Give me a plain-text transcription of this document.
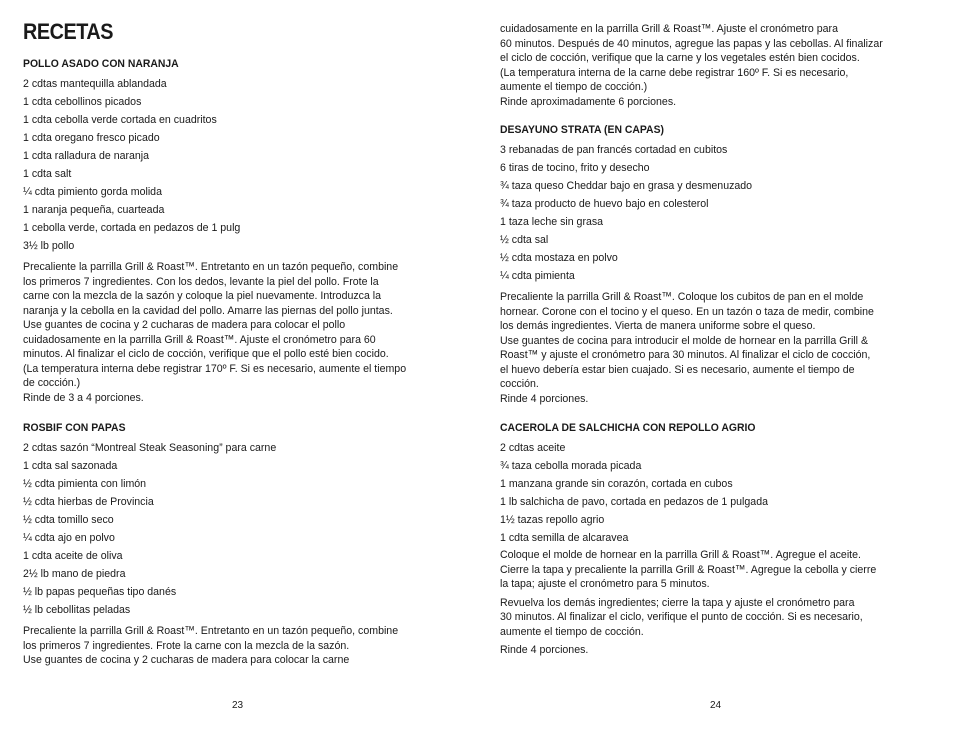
RECETAS
POLLO ASADO CON NARANJA
2 cdtas mantequilla ablandada
1 cdta cebollinos picados
1 cdta cebolla verde cortada en cuadritos
1 cdta oregano fresco picado
1 cdta ralladura de naranja
1 cdta salt
¼ cdta pimiento gorda molida
1 naranja pequeña, cuarteada
1 cebolla verde, cortada en pedazos de 1 pulg
3½ lb pollo
Precaliente la parrilla Grill & Roast™. Entretanto en un tazón pequeño, combine
los primeros 7 ingredientes. Con los dedos, levante la piel del pollo. Frote la
carne con la mezcla de la sazón y coloque la piel nuevamente. Introduzca la
naranja y la cebolla en la cavidad del pollo. Amarre las piernas del pollo juntas.
Use guantes de cocina y 2 cucharas de madera para colocar el pollo
cuidadosamente en la parrilla Grill & Roast™. Ajuste el cronómetro para 60
minutos. Al finalizar el ciclo de cocción, verifique que el pollo esté bien cocido.
(La temperatura interna debe registrar 170º F. Si es necesario, aumente el tiempo
de cocción.)
Rinde de 3 a 4 porciones.
ROSBIF CON PAPAS
2 cdtas sazón “Montreal Steak Seasoning” para carne
1 cdta sal sazonada
½ cdta pimienta con limón
½ cdta hierbas de Provincia
½ cdta tomillo seco
¼ cdta ajo en polvo
1 cdta aceite de oliva
2½ lb mano de piedra
½ lb papas pequeñas tipo danés
½ lb cebollitas peladas
Precaliente la parrilla Grill & Roast™. Entretanto en un tazón pequeño, combine
los primeros 7 ingredientes. Frote la carne con la mezcla de la sazón.
Use guantes de cocina y 2 cucharas de madera para colocar la carne
23
cuidadosamente en la parrilla Grill & Roast™. Ajuste el cronómetro para
60 minutos. Después de 40 minutos, agregue las papas y las cebollas. Al finalizar
el ciclo de cocción, verifique que la carne y los vegetales estén bien cocidos.
(La temperatura interna de la carne debe registrar 160º F. Si es necesario,
aumente el tiempo de cocción.)
Rinde aproximadamente 6 porciones.
DESAYUNO STRATA (EN CAPAS)
3 rebanadas de pan francés cortadad en cubitos
6 tiras de tocino, frito y desecho
¾ taza queso Cheddar bajo en grasa y desmenuzado
¾ taza producto de huevo bajo en colesterol
1 taza leche sin grasa
½ cdta sal
½ cdta mostaza en polvo
¼ cdta pimienta
Precaliente la parrilla Grill & Roast™. Coloque los cubitos de pan en el molde
hornear. Corone con el tocino y el queso. En un tazón o taza de medir, combine
los demás ingredientes. Vierta de manera uniforme sobre el queso.
Use guantes de cocina para introducir el molde de hornear en la parrilla Grill &
Roast™ y ajuste el cronómetro para 30 minutos. Al finalizar el ciclo de cocción,
el huevo debería estar bien cuajado. Si es necesario, aumente el tiempo de
cocción.
Rinde 4 porciones.
CACEROLA DE SALCHICHA CON REPOLLO AGRIO
2 cdtas aceite
¾ taza cebolla morada picada
1 manzana grande sin corazón, cortada en cubos
1 lb salchicha de pavo, cortada en pedazos de 1 pulgada
1½ tazas repollo agrio
1 cdta semilla de alcaravea
Coloque el molde de hornear en la parrilla Grill & Roast™. Agregue el aceite.
Cierre la tapa y precaliente la parrilla Grill & Roast™. Agregue la cebolla y cierre
la tapa; ajuste el cronómetro para 5 minutos.
Revuelva los demás ingredientes; cierre la tapa y ajuste el cronómetro para
30 minutos. Al finalizar el ciclo, verifique el punto de cocción. Si es necesario,
aumente el tiempo de cocción.
Rinde 4 porciones.
24
